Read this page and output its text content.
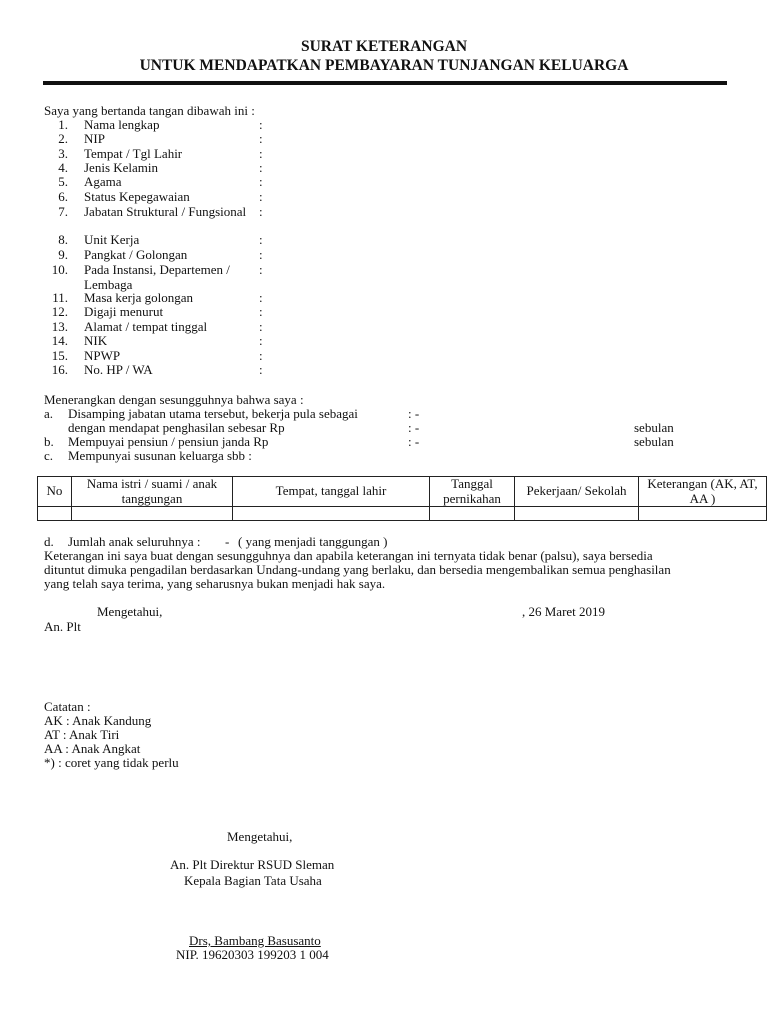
SURAT KETERANGAN
UNTUK MENDAPATKAN PEMBAYARAN TUNJANGAN KELUARGA
Saya yang bertanda tangan dibawah ini :
1. Nama lengkap	:
2. NIP	:
3. Tempat / Tgl Lahir	:
4. Jenis Kelamin	:
5. Agama	:
6. Status Kepegawaian	:
7. Jabatan Struktural / Fungsional :
8. Unit Kerja	:
9. Pangkat / Golongan	:
10. Pada Instansi, Departemen / Lembaga
:
11. Masa kerja golongan	:
12. Digaji menurut	:
13. Alamat / tempat tinggal	:
14. NIK	:
15. NPWP	:
16. No. HP / WA	:
Menerangkan dengan sesungguhnya bahwa saya :
a. Disamping jabatan utama tersebut, bekerja pula sebagai	: -
dengan mendapat penghasilan sebesar Rp	: -	sebulan
b. Mempuyai pensiun / pensiun janda Rp	: -	sebulan
c. Mempunyai susunan keluarga sbb :
No	Nama istri / suami / anak tanggungan	Tempat, tanggal lahir	Tanggal pernikahan	Pekerjaan/ Sekolah	Keterangan (AK, AT, AA )

d. Jumlah anak seluruhnya : - ( yang menjadi tanggungan )
Keterangan ini saya buat dengan sesungguhnya dan apabila keterangan ini ternyata tidak benar (palsu), saya bersedia
dituntut dimuka pengadilan berdasarkan Undang-undang yang berlaku, dan bersedia mengembalikan semua penghasilan
yang telah saya terima, yang seharusnya bukan menjadi hak saya.
Mengetahui,	, 26 Maret 2019
An. Plt
Catatan :
AK : Anak Kandung
AT : Anak Tiri
AA : Anak Angkat
*) : coret yang tidak perlu
Mengetahui,
An. Plt Direktur RSUD Sleman
Kepala Bagian Tata Usaha
Drs, Bambang Basusanto
NIP. 19620303 199203 1 004
